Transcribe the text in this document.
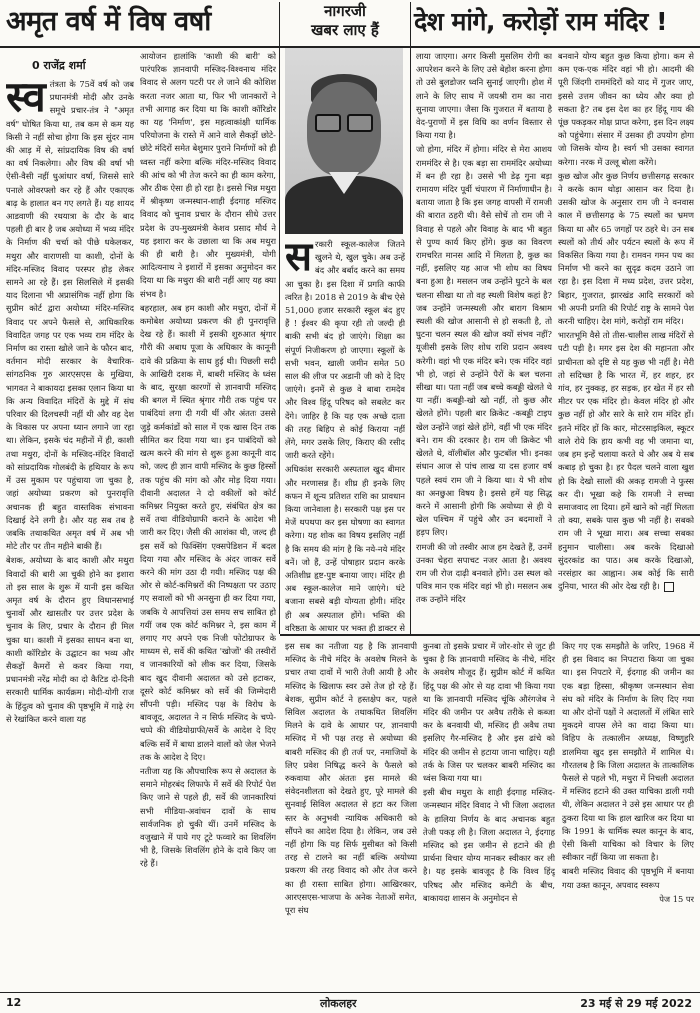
अमृत वर्ष में विष वर्षा	नागरजी
खबर लाए हैं	देश मांगे, करोड़ों राम मंदिर !
0 राजेंद्र शर्मा
स्व तंत्रता के 75वें वर्ष को जब प्रधानमंत्री मोदी और उनके समूचे प्रचार-तंत्र ने "अमृत वर्ष" घोषित किया था, तब कम से कम यह किसी ने नहीं सोचा होगा कि इस सुंदर नाम की आड़ में से, सांप्रदायिक विष की वर्षा का वर्ष निकलेगा। और विष की वर्षा भी ऐसी-वैसी नहीं धुआंधार वर्षा, जिससे सारे पनाले ओवरफ्लो कर रहे हैं और एकाएक बाढ़ के हालात बन गए लगते हैं। यह शायद आडवाणी की रथयात्रा के दौर के बाद पहली ही बार है जब अयोध्या में भव्य मंदिर के निर्माण की चर्चा को पीछे धकेलकर, मथुरा और वाराणसी या काशी, दोनों के मंदिर-मस्जिद विवाद परस्पर होड़ लेकर सामने आ रहे हैं। इस सिलसिले में इसकी याद दिलाना भी अप्रासंगिक नहीं होगा कि सुप्रीम कोर्ट द्वारा अयोध्या मंदिर-मस्जिद विवाद पर अपने फैसले से, आधिकारिक विवादित जगह पर एक भव्य राम मंदिर के निर्माण का रास्ता खोले जाने के फौरन बाद, वर्तमान मोदी सरकार के वैचारिक-सांगठनिक गुरु आरएसएस के मुखिया, भागवत ने बाकायदा इसका एलान किया था कि अन्य विवादित मंदिरों के मुद्दे में संघ परिवार की दिलचस्पी नहीं थी और वह देश के विकास पर अपना ध्यान लगाने जा रहा था। लेकिन, इसके चंद महीनों में ही, काशी तथा मथुरा, दोनों के मस्जिद-मंदिर विवादों को सांप्रदायिक गोलबंदी के हथियार के रूप में उस मुकाम पर पहुंचाया जा चुका है, जहां अयोध्या प्रकरण को पुनरावृत्ति अचानक ही बहुत वास्तविक संभावना दिखाई देने लगी है। और यह सब तब है जबकि तथाकथित अमृत वर्ष में अब भी मोटे तौर पर तीन महीने बाकी हैं।

बेशक, अयोध्या के बाद काशी और मथुरा विवादों की बारी आ चुकी होने का इशारा तो इस साल के शुरू में यानी इस कथित अमृत वर्ष के दौरान हुए विधानसभाई चुनावों और खासतौर पर उत्तर प्रदेश के चुनाव के लिए, प्रचार के दौरान ही मिल चुका था। काशी में इसका साधन बना था, काशी कॉरिडोर के उद्घाटन का भव्य और सैकड़ों कैमरों से कवर किया गया, प्रधानमंत्री नरेंद्र मोदी का दो कैटिड दो-दिनी सरकारी धार्मिक कार्यक्रम। मोदी-योगी राज के हिंदुत्व को चुनाव की पृष्ठभूमि में गाढ़े रंग से रेखांकित करने वाला यह

आयोजन हालांकि 'काशी की बारी' को पारंपरिक ज्ञानवापी मस्जिद-विश्वनाथ मंदिर विवाद से अलग पटरी पर ले जाने की कोशिश करता नजर आता था, फिर भी जानकारों ने तभी आगाह कर दिया था कि काशी कॉरिडोर का यह 'निर्माण', इस महत्वाकांक्षी धार्मिक परियोजना के रास्ते में आने वाले सैकड़ों छोटे-छोटे मंदिरों समेत बेशुमार पुराने निर्माणों को ही ध्वस्त नहीं करेगा बल्कि मंदिर-मस्जिद विवाद की आंच को भी तेज करने का ही काम करेगा, और ठीक ऐसा ही हो रहा है। इससे भिन्न मथुरा में श्रीकृष्ण जन्मस्थान-शाही ईदगाह मस्जिद विवाद को चुनाव प्रचार के दौरान सीधे उत्तर प्रदेश के उप-मुख्यमंत्री केशव प्रसाद मौर्य ने यह इशारा कर के उछाला था कि अब मथुरा की ही बारी है। और मुख्यमंत्री, योगी आदित्यनाथ ने इशारों में इसका अनुमोदन कर दिया था कि मथुरा की बारी नहीं आए यह क्या संभव है।

बहरहाल, अब हम काशी और मथुरा, दोनों में कमोबेश अयोध्या प्रकरण की ही पुनरावृत्ति देख रहे हैं। काशी में इसकी शुरुआत श्रृंगार गौरी की अबाध पूजा के अधिकार के कानूनी दावे की प्रक्रिया के साथ हुई थी। पिछली सदी के आखिरी दशक में, बाबरी मस्जिद के ध्वंस के बाद, सुरक्षा कारणों से ज्ञानवापी मस्जिद की बगल में स्थित श्रृंगार गौरी तक पहुंच पर पाबंदियां लगा दी गयी थीं और अंततः उससे जुड़े कर्मकांडों को साल में एक खास दिन तक सीमित कर दिया गया था। इन पाबंदियों को खत्म करने की मांग से शुरू हुआ कानूनी वाद को, जल्द ही ज्ञान वापी मस्जिद के कुछ हिस्सों तक पहुंच की मांग को और मोड़ दिया गया। दीवानी अदालत ने दो वकीलों को कोर्ट कमिश्नर नियुक्त करते हुए, संबंधित क्षेत्र का सर्वे तथा वीडियोग्राफी कराने के आदेश भी जारी कर दिए। जैसी की आशंका थी, जल्द ही इस सर्वे को फिक्सिंग एक्सपेडिशन में बदल दिया गया और मस्जिद के अंदर जाकर सर्वे करने की मांग उठा दी गयी। मस्जिद पक्ष की ओर से कोर्ट-कमिश्नरों की निष्पक्षता पर उठाए गए सवालों को भी अनसुना ही कर दिया गया, जबकि ये आपत्तियां उस समय सच साबित हो गयीं जब एक कोर्ट कमिश्नर ने, इस काम में लगाए गए अपने एक निजी फोटोग्राफर के माध्यम से, सर्वे की कथित 'खोजों' की तस्वीरों व जानकारियों को लीक कर दिया, जिसके बाद खुद दीवानी अदालत को उसे हटाकर, दूसरे कोर्ट कमिश्नर को सर्वे की जिम्मेदारी सौंपनी पड़ी। मस्जिद पक्ष के विरोध के बावजूद, अदालत ने न सिर्फ मस्जिद के चप्पे-चप्पे की वीडियोग्राफी/सर्वे के आदेश दे दिए बल्कि सर्वे में बाधा डालने वालों को जेल भेजने तक के आदेश दे दिए।

नतीजा यह कि औपचारिक रूप से अदालत के समाने मोहरबंद लिफाफे में सर्वे की रिपोर्ट पेश किए जाने से पहले ही, सर्वे की जानकारियां सभी मीडिया-अवांधन दावों के साथ सार्वजनिक हो चुकी थीं। उनमें मस्जिद के वजुखाने में पाये गए टूटे फव्वारे का शिवलिंग भी है, जिसके शिवलिंग होने के दावे किए जा रहे हैं।

स रकारी स्कूल-कालेज जितने खुलने थे, खुल चुके। अब उन्हें बंद और बर्बाद करने का समय आ चुका है। इस दिशा में प्रगति काफी त्वरित है। 2018 से 2019 के बीच ऐसे 51,000 हजार सरकारी स्कूल बंद हुए हैं ! ईश्वर की कृपा रही तो जल्दी ही बाकी सभी बंद हो जाएंगे। शिक्षा का संपूर्ण निजीकरण हो जाएगा। स्कूलों के सभी भवन, खाली जमीन समेत 50 साल की लीज पर अडानी जी को दे दिए जाएंगे। इनमें से कुछ वे बाबा रामदेव और विश्व हिंदू परिषद को सबलेट कर देंगे। जाहिर है कि यह एक अच्छे दाता की तरह बिहिप से कोई किराया नहीं लेंगे, मगर उसके लिए, किराए की रसीद जारी करते रहेंगे।

अधिकांश सरकारी अस्पताल खुद बीमार और मरणासन्न हैं। शीघ्र ही इनके लिए कफन में शून्य प्रतिशत राशि का प्रावधान किया जानेवाला है। सरकारी पक्ष इस पर मेजें थपथपा कर इस घोषणा का स्वागत करेगा। यह शोक का विषय इसलिए नहीं है कि समय की मांग है कि नये-नये मंदिर बनें। जो हैं, उन्हें पोषाहार प्रदान करके अतिशीघ्र हृष्ट-पुष्ट बनाया जाए। मंदिर ही अब स्कूल-कालेज माने जाएंगे। घंटे बजाना सबसे बड़ी योग्यता होगी। मंदिर ही अब अस्पताल होंगे। भक्ति की वरिष्ठता के आधार पर भक्त ही डाक्टर से

इस सब का नतीजा यह है कि ज्ञानवापी मस्जिद के नीचे मंदिर के अवशेष मिलने के प्रचार तथा दावों में भारी तेजी आयी है और मस्जिद के खिलाफ स्वर उसे तेज हो रहे हैं। बेशक, सुप्रीम कोर्ट ने हस्तक्षेप कर, पहले सिविल अदालत के तथाकथित शिवलिंग मिलने के दावे के आधार पर, ज्ञानवापी मस्जिद में भी पक्ष तरह से अयोध्या की बाबरी मस्जिद की ही तर्ज पर, नमाजियों के लिए प्रवेश निषिद्ध करने के फैसले को रुकवाया और अंततः इस मामले की संवेदनशीलता को देखते हुए, पूरे मामले की सुनवाई सिविल अदालत से हटा कर जिला स्तर के अनुभवी न्यायिक अधिकारी को सौंपने का आदेश दिया है। लेकिन, जब उसे नहीं होगा कि यह सिर्फ मुसीबत को किसी तरह से टालने का नहीं बल्कि अयोध्या प्रकरण की तरह विवाद को और तेज करने का ही रास्ता साबित होगा। आखिरकार, आरएसएस-भाजपा के अनेक नेताओं समेत, पूरा संघ

लाया जाएगा। अगर किसी मुसलिम रोगी का आपरेशन करने के लिए उसे बेहोश करना होगा तो उसे बुलडोजर ध्वनि सुनाई जाएगी। होश में लाने के लिए साथ में जयश्री राम का नारा सुनाया जाएगा। जैसा कि गुजरात में बताया है वेद-पुराणों में इस विधि का वर्णन विस्तार से किया गया है।

जो होगा, मंदिर में होगा। मंदिर से मेरा आशय राममंदिर से है। एक बड़ा सा राममंदिर अयोध्या में बन ही रहा है। उससे भी डेढ़ गुना बड़ा रामायण मंदिर पूर्वी चंपारण में निर्माणाधीन है। बताया जाता है कि इस जगह वापसी में रामजी की बारात ठहरी थी। वैसे सोचें तो राम जी ने विवाह से पहले और विवाह के बाद भी बहुत से पुण्य कार्य किए होंगे। कुछ का विवरण रामचरित मानस आदि में मिलता है, कुछ का नहीं, इसलिए यह आज भी शोध का विषय बना हुआ है। मसलन जब उन्होंने घुटने के बल चलना सीखा था तो वह स्थली विशेष कहां है? जब उन्होंने जन्मस्थली और बाराग विश्राम स्थली की खोज आसानी से हो सकती है, तो घुटना चलन स्थल की खोज क्यों संभव नहीं? यूजीसी इसके लिए शोध राशि प्रदान अवश्य करेगी। वहां भी एक मंदिर बने। एक मंदिर वहां भी हो, जहां से उन्होंने पैरों के बल चलना सीखा था। पता नहीं जब बच्चे कबड्डी खेलते थे या नहीं। कबड्डी-खो खो नहीं, तो कुछ और खेलते होंगे। पहली बार क्रिकेट -कबड्डी टाइप खेल उन्होंने जहां खेले होंगे, वहीं भी एक मंदिर बने। राम की दरकार है। राम जी क्रिकेट भी खेलते थे, वॉलीबॉल और फुटबॉल भी। इनका संधान आज से पांच लाख या दस हजार वर्ष पहले स्वयं राम जी ने किया था। ये भी शोध का अनछुआ विषय है। इससे हमें यह सिद्ध करने में आसानी होगी कि अयोध्या से ही ये खेल पश्चिम में पहुंचे और उन बदमाशों ने हड़प लिए।

रामजी की जो तस्वीर आज हम देखते हैं, उनमें उनका चेहरा सपाचट नजर आता है। अवश्य राम जी रोज दाढ़ी बनवाते होंगे। उस स्थल को पवित्र मान एक मंदिर वहां भी हो। मसलन अब तक उन्होंने मंदिर

बनवाने योग्य बहुत कुछ किया होगा। कम से कम एक-एक मंदिर वहां भी हो। आदमी की पूरी जिंदगी राममंदिरों को याद में गुजर जाए, इससे उत्तम जीवन का ध्येय और क्या हो सकता है? तब इस देश का हर हिंदू गाय की पूंछ पकड़कर मोक्ष प्राप्त करेगा, इस दिन लक्ष्य को पहुंचेगा। संसार में उसका ही उपयोग होगा जो जिसके योग्य है। स्वर्ग भी उसका स्वागत करेगा। नरक में उल्लू बोला करेंगे।

कुछ खोज और कुछ निर्णय छत्तीसगढ़ सरकार ने करके काम थोड़ा आसान कर दिया है। उसकी खोज के अनुसार राम जी ने वनवास काल में छत्तीसगढ़ के 75 स्थलों का भ्रमण किया था और 65 जगहों पर ठहरे थे। उन सब स्थलों को तीर्थ और पर्यटन स्थलों के रूप में विकसित किया गया है। रामवन गमन पथ का निर्माण भी करने का सुदृढ कदम उठाने जा रहा है। इस दिशा में मध्य प्रदेश, उत्तर प्रदेश, बिहार, गुजरात, झारखंड आदि सरकारों को भी अपनी प्रगति की रिपोर्ट राष्ट्र के सामने पेश करनी चाहिए। देश मांगे, करोड़ों राम मंदिर।

भारतभूमि वैसे तो तीस-चालीस लाख मंदिरों से पटी पड़ी है। मगर इस देश की महानता और प्राचीनता को दृष्टि से यह कुछ भी नहीं है। मेरी तो सदिच्छा है कि भारत में, हर शहर, हर गांव, हर नुक्कड़, हर सड़क, हर खेत में हर सौ मीटर पर एक मंदिर हो। केवल मंदिर हो और कुछ नहीं हो और सारे के सारे राम मंदिर हों। इतने मंदिर हों कि कार, मोटरसाइकिल, स्कूटर वाले रोये कि हाय कभी वह भी जमाना था, जब हम इन्हें चलाया करते थे और अब ये सब कबाड़ हो चुका है। हर पैदल चलने वाला खुश हो कि देखो सालों की अकड़ रामजी ने फुस्स कर दी। भूखा कहे कि रामजी ने सच्चा समाजवाद ला दिया। हमें खाने को नहीं मिलता तो क्या, सबके पास कुछ भी नहीं है। सबको राम जी ने भूखा मारा। अब सच्चा सबका हनुमान चालीसा। अब करके दिखाओ सुंदरकांड का पाठ। अब करके दिखाओ, नरसंहार का आह्वान। अब कोई कि सारी दुनिया, भारत की ओर देख रही है।

कुनबा तो इसके प्रचार में जोर-शोर से जुट ही चुका है कि ज्ञानवापी मस्जिद के नीचे, मंदिर के अवशेष मौजूद हैं। सुप्रीम कोर्ट में कथित हिंदू पक्ष की ओर से यह दावा भी किया गया था कि ज्ञानवापी मस्जिद चूंकि औरंगजेब ने मंदिर की जमीन पर अवैध तरीके से कब्जा कर के बनवायी थी, मस्जिद ही अवैध तथा इसलिए गैर-मस्जिद है और इस ढांचे को मंदिर की जमीन से हटाया जाना चाहिए। यही तर्क के जिस पर चलकर बाबरी मस्जिद का ध्वंस किया गया था।

इसी बीच मथुरा के शाही ईदगाह मस्जिद-जन्मस्थान मंदिर विवाद ने भी जिला अदालत के हालिया निर्णय के बाद अचानक बहुत तेजी पकड़ ली है। जिला अदालत ने, ईदगाह मस्जिद को इस जमीन से हटाने की ही प्रार्थना विचार योग्य मानकर स्वीकार कर ली है। यह इसके बावजूद है कि विश्व हिंदू परिषद और मस्जिद कमेटी के बीच, बाकायदा शासन के अनुमोदन से

किए गए एक समझौते के जरिए, 1968 में ही इस विवाद का निपटारा किया जा चुका था। इस निपटारे में, ईदगाह की जमीन का एक बड़ा हिस्सा, श्रीकृष्ण जन्मस्थान सेवा संघ को मंदिर के निर्माण के लिए दिए गया था और दोनों पक्षों ने अदालतों में लंबित सारे मुकदमे वापस लेने का वादा किया था। विहिप के तत्कालीन अध्यक्ष, विष्णुहरि डालमिया खुद इस समझौते में शामिल थे। गौरतलब है कि जिला अदालत के तात्कालिक फैसले से पहले भी, मथुरा में निचली अदालत में मस्जिद हटाने की उक्त याचिका डाली गयी थी, लेकिन अदालत ने उसे इस आधार पर ही ठुकरा दिया था कि हाल खारिज कर दिया था कि 1991 के धार्मिक स्थल कानून के बाद, ऐसी किसी याचिका को विचार के लिए स्वीकार नहीं किया जा सकता है।

बाबरी मस्जिद विवाद की पृष्ठभूमि में बनाया गया उक्त कानून, अपवाद स्वरूप

पेज 15 पर
12	लोकलहर	23 मई से 29 मई 2022
